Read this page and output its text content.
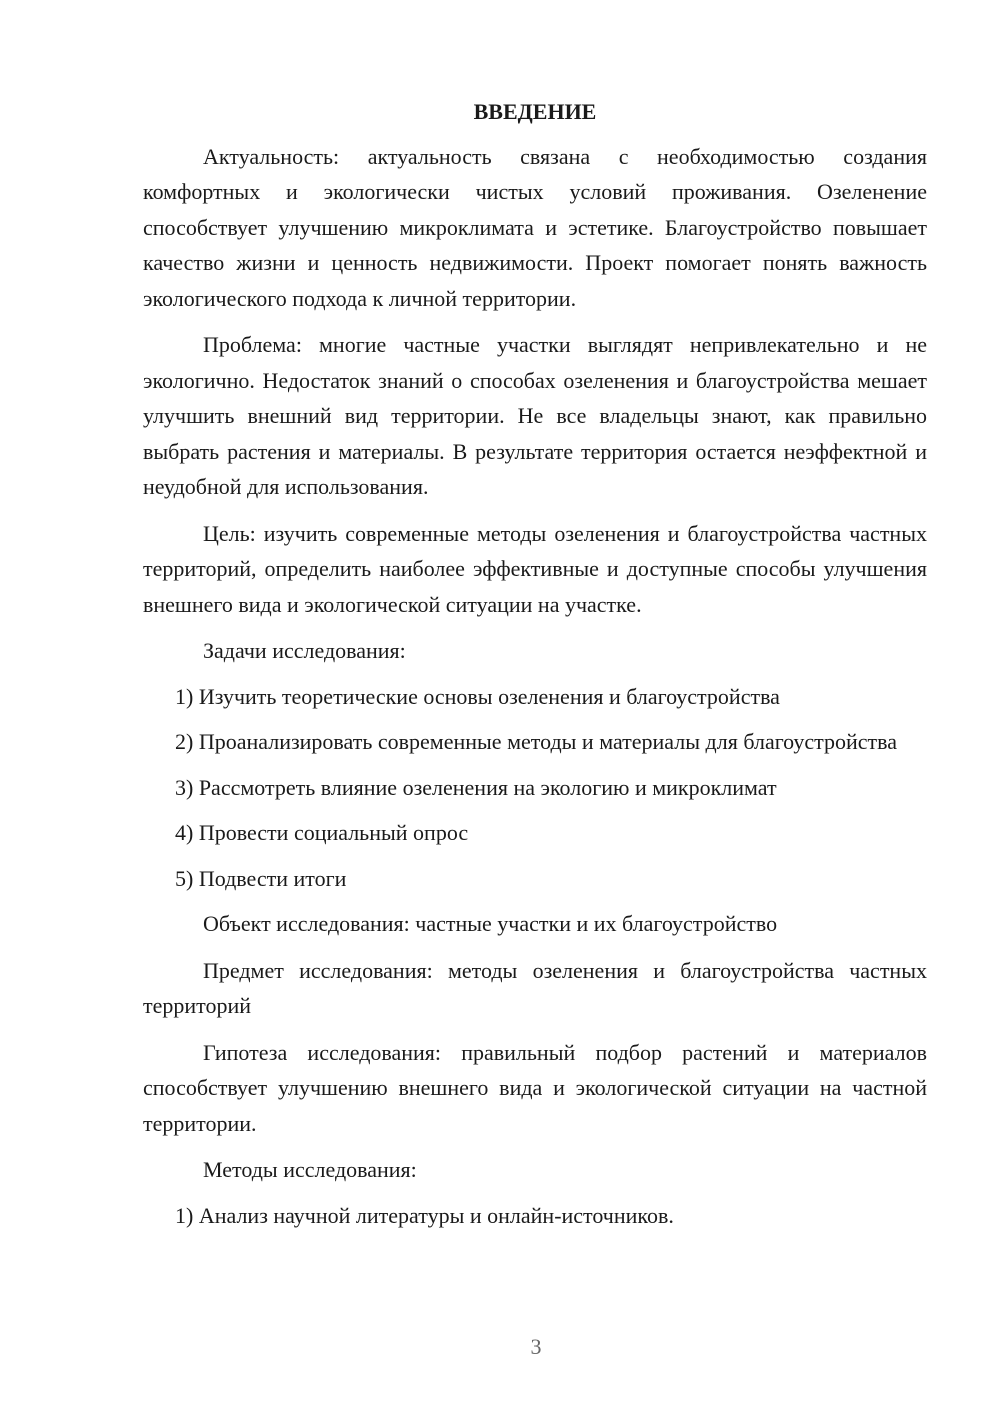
ВВЕДЕНИЕ

Актуальность: актуальность связана с необходимостью создания комфортных и экологически чистых условий проживания. Озеленение способствует улучшению микроклимата и эстетике. Благоустройство повышает качество жизни и ценность недвижимости. Проект помогает понять важность экологического подхода к личной территории.

Проблема: многие частные участки выглядят непривлекательно и не экологично. Недостаток знаний о способах озеленения и благоустройства мешает улучшить внешний вид территории. Не все владельцы знают, как правильно выбрать растения и материалы. В результате территория остается неэффектной и неудобной для использования.

Цель: изучить современные методы озеленения и благоустройства частных территорий, определить наиболее эффективные и доступные способы улучшения внешнего вида и экологической ситуации на участке.

Задачи исследования:

1) Изучить теоретические основы озеленения и благоустройства

2) Проанализировать современные методы и материалы для благоустройства

3) Рассмотреть влияние озеленения на экологию и микроклимат

4) Провести социальный опрос

5) Подвести итоги

Объект исследования: частные участки и их благоустройство

Предмет исследования: методы озеленения и благоустройства частных территорий

Гипотеза исследования: правильный подбор растений и материалов способствует улучшению внешнего вида и экологической ситуации на частной территории.

Методы исследования:

1) Анализ научной литературы и онлайн-источников.

3
